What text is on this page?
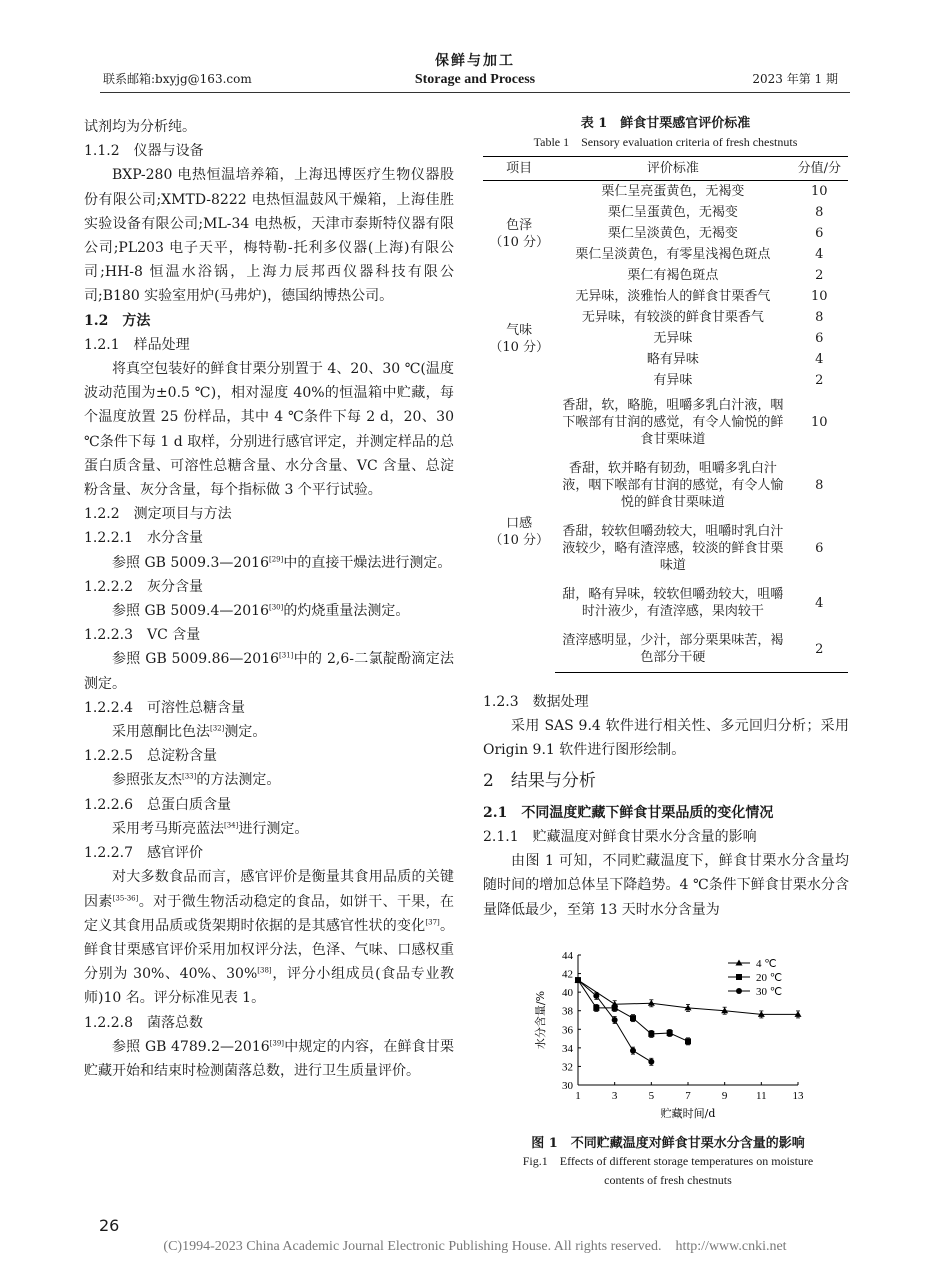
联系邮箱:bxyjg@163.com
保鲜与加工
Storage and Process	2023 年第 1 期

试剂均为分析纯。

1.1.2　仪器与设备

BXP-280 电热恒温培养箱，上海迅博医疗生物仪器股份有限公司;XMTD-8222 电热恒温鼓风干燥箱，上海佳胜实验设备有限公司;ML-34 电热板，天津市泰斯特仪器有限公司;PL203 电子天平，梅特勒-托利多仪器(上海)有限公司;HH-8 恒温水浴锅，上海力辰邦西仪器科技有限公司;B180 实验室用炉(马弗炉)，德国纳博热公司。

1.2　方法

1.2.1　样品处理

将真空包装好的鲜食甘栗分别置于 4、20、30 ℃(温度波动范围为±0.5 ℃)，相对湿度 40%的恒温箱中贮藏，每个温度放置 25 份样品，其中 4 ℃条件下每 2 d，20、30 ℃条件下每 1 d 取样，分别进行感官评定，并测定样品的总蛋白质含量、可溶性总糖含量、水分含量、VC 含量、总淀粉含量、灰分含量，每个指标做 3 个平行试验。

1.2.2　测定项目与方法

1.2.2.1　水分含量

参照 GB 5009.3—2016[29]中的直接干燥法进行测定。

1.2.2.2　灰分含量

参照 GB 5009.4—2016[30]的灼烧重量法测定。

1.2.2.3　VC 含量

参照 GB 5009.86—2016[31]中的 2,6-二氯靛酚滴定法测定。

1.2.2.4　可溶性总糖含量

采用蒽酮比色法[32]测定。

1.2.2.5　总淀粉含量

参照张友杰[33]的方法测定。

1.2.2.6　总蛋白质含量

采用考马斯亮蓝法[34]进行测定。

1.2.2.7　感官评价

对大多数食品而言，感官评价是衡量其食用品质的关键因素[35-36]。对于微生物活动稳定的食品，如饼干、干果，在定义其食用品质或货架期时依据的是其感官性状的变化[37]。鲜食甘栗感官评价采用加权评分法，色泽、气味、口感权重分别为 30%、40%、30%[38]，评分小组成员(食品专业教师)10 名。评分标准见表 1。

1.2.2.8　菌落总数

参照 GB 4789.2—2016[39]中规定的内容，在鲜食甘栗贮藏开始和结束时检测菌落总数，进行卫生质量评价。

表 1　鲜食甘栗感官评价标准
Table 1　Sensory evaluation criteria of fresh chestnuts
项目	评价标准	分值/分

色泽
（10 分）	栗仁呈亮蛋黄色，无褐变	10
	栗仁呈蛋黄色，无褐变	8
	栗仁呈淡黄色，无褐变	6
	栗仁呈淡黄色，有零星浅褐色斑点	4
	栗仁有褐色斑点	2

气味
（10 分）	无异味，淡雅怡人的鲜食甘栗香气	10
	无异味，有较淡的鲜食甘栗香气	8
	无异味	6
	略有异味	4
	有异味	2

口感
（10 分）	香甜，软，略脆，咀嚼多乳白汁液，咽下喉部有甘润的感觉，有令人愉悦的鲜食甘栗味道	10
	香甜，软并略有韧劲，咀嚼多乳白汁液，咽下喉部有甘润的感觉，有令人愉悦的鲜食甘栗味道	8
	香甜，较软但嚼劲较大，咀嚼时乳白汁液较少，略有渣滓感，较淡的鲜食甘栗味道	6
	甜，略有异味，较软但嚼劲较大，咀嚼时汁液少，有渣滓感，果肉较干	4
	渣滓感明显，少汁，部分栗果味苦，褐色部分干硬	2

1.2.3　数据处理

采用 SAS 9.4 软件进行相关性、多元回归分析；采用 Origin 9.1 软件进行图形绘制。

2　结果与分析

2.1　不同温度贮藏下鲜食甘栗品质的变化情况

2.1.1　贮藏温度对鲜食甘栗水分含量的影响

由图 1 可知，不同贮藏温度下，鲜食甘栗水分含量均随时间的增加总体呈下降趋势。4 ℃条件下鲜食甘栗水分含量降低最少，至第 13 天时水分含量为

30
32
34
36
38
40
42
44
1	3	5	7	9	11 13
贮藏时间/d
水分含量/%
4 ℃
20 ℃
30 ℃
图 1　不同贮藏温度对鲜食甘栗水分含量的影响
Fig.1　Effects of different storage temperatures on moisture
contents of fresh chestnuts
26
(C)1994-2023 China Academic Journal Electronic Publishing House. All rights reserved.　http://www.cnki.net
